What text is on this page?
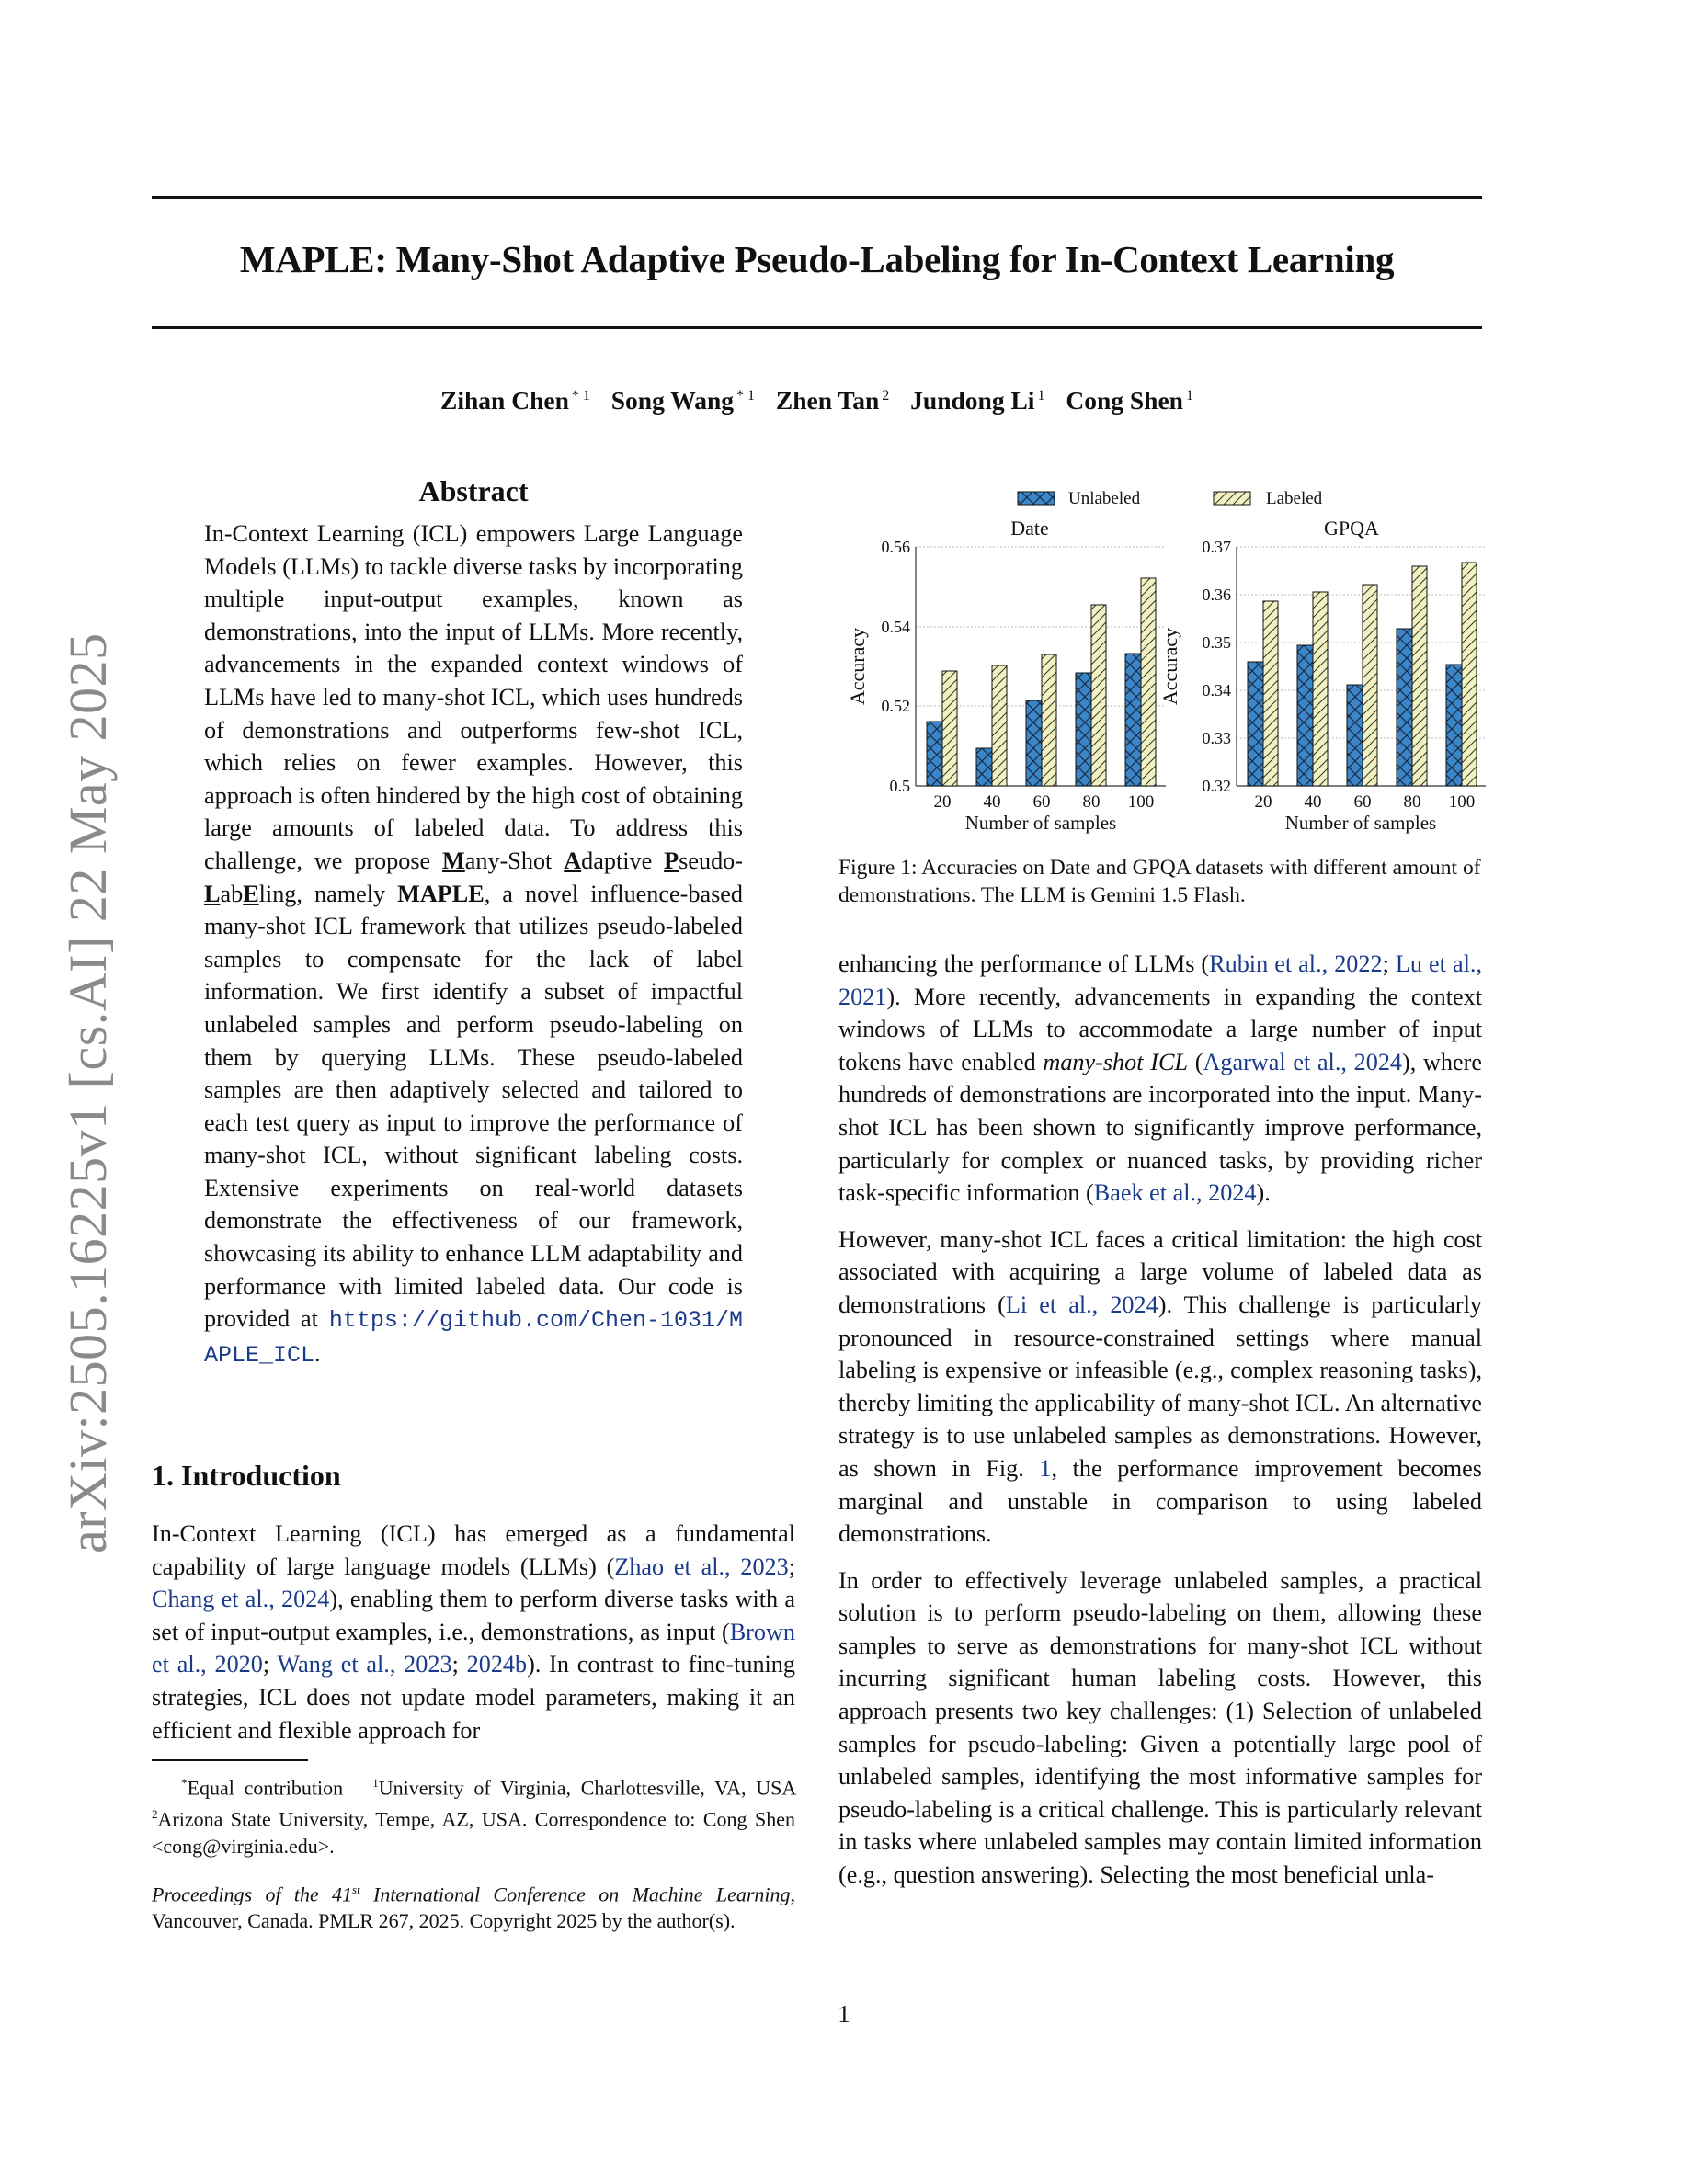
arXiv:2505.16225v1 [cs.AI] 22 May 2025
MAPLE: Many-Shot Adaptive Pseudo-Labeling for In-Context Learning
Zihan Chen $^{* 1}$ Song Wang $^{* 1}$ Zhen Tan $^2$ Jundong Li $^1$ Cong Shen $^1$
Abstract
In-Context Learning (ICL) empowers Large Language Models (LLMs) to tackle diverse tasks by incorporating multiple input-output examples, known as demonstrations, into the input of LLMs. More recently, advancements in the expanded context windows of LLMs have led to many-shot ICL, which uses hundreds of demonstrations and outperforms few-shot ICL, which relies on fewer examples. However, this approach is often hindered by the high cost of obtaining large amounts of labeled data. To address this challenge, we propose Many-Shot Adaptive Pseudo-LabEling, namely MAPLE, a novel influence-based many-shot ICL framework that utilizes pseudo-labeled samples to compensate for the lack of label information. We first identify a subset of impactful unlabeled samples and perform pseudo-labeling on them by querying LLMs. These pseudo-labeled samples are then adaptively selected and tailored to each test query as input to improve the performance of many-shot ICL, without significant labeling costs. Extensive experiments on real-world datasets demonstrate the effectiveness of our framework, showcasing its ability to enhance LLM adaptability and performance with limited labeled data. Our code is provided at https://github.com/Chen-1031/MAPLE_ICL.
1. Introduction

In-Context Learning (ICL) has emerged as a fundamental capability of large language models (LLMs) (Zhao et al., 2023; Chang et al., 2024), enabling them to perform diverse tasks with a set of input-output examples, i.e., demonstrations, as input (Brown et al., 2020; Wang et al., 2023; 2024b). In contrast to fine-tuning strategies, ICL does not update model parameters, making it an efficient and flexible approach for

*Equal contribution $^1$University of Virginia, Charlottesville, VA, USA $^2$Arizona State University, Tempe, AZ, USA. Correspondence to: Cong Shen <cong@virginia.edu>.
Proceedings of the 41st International Conference on Machine Learning, Vancouver, Canada. PMLR 267, 2025. Copyright 2025 by the author(s).
Unlabeled	Labeled
Date
0.5
0.52
0.54
0.56
Accuracy
20 40 60 80 100
Number of samples
GPQA
0.32
0.33
0.34
0.35
0.36
0.37
Accuracy
20 40 60 80 100
Number of samples
Figure 1: Accuracies on Date and GPQA datasets with different amount of demonstrations. The LLM is Gemini 1.5 Flash.

enhancing the performance of LLMs (Rubin et al., 2022; Lu et al., 2021). More recently, advancements in expanding the context windows of LLMs to accommodate a large number of input tokens have enabled many-shot ICL (Agarwal et al., 2024), where hundreds of demonstrations are incorporated into the input. Many-shot ICL has been shown to significantly improve performance, particularly for complex or nuanced tasks, by providing richer task-specific information (Baek et al., 2024).

However, many-shot ICL faces a critical limitation: the high cost associated with acquiring a large volume of labeled data as demonstrations (Li et al., 2024). This challenge is particularly pronounced in resource-constrained settings where manual labeling is expensive or infeasible (e.g., complex reasoning tasks), thereby limiting the applicability of many-shot ICL. An alternative strategy is to use unlabeled samples as demonstrations. However, as shown in Fig. 1, the performance improvement becomes marginal and unstable in comparison to using labeled demonstrations.

In order to effectively leverage unlabeled samples, a practical solution is to perform pseudo-labeling on them, allowing these samples to serve as demonstrations for many-shot ICL without incurring significant human labeling costs. However, this approach presents two key challenges: (1) Selection of unlabeled samples for pseudo-labeling: Given a potentially large pool of unlabeled samples, identifying the most informative samples for pseudo-labeling is a critical challenge. This is particularly relevant in tasks where unlabeled samples may contain limited information (e.g., question answering). Selecting the most beneficial unla-

1
